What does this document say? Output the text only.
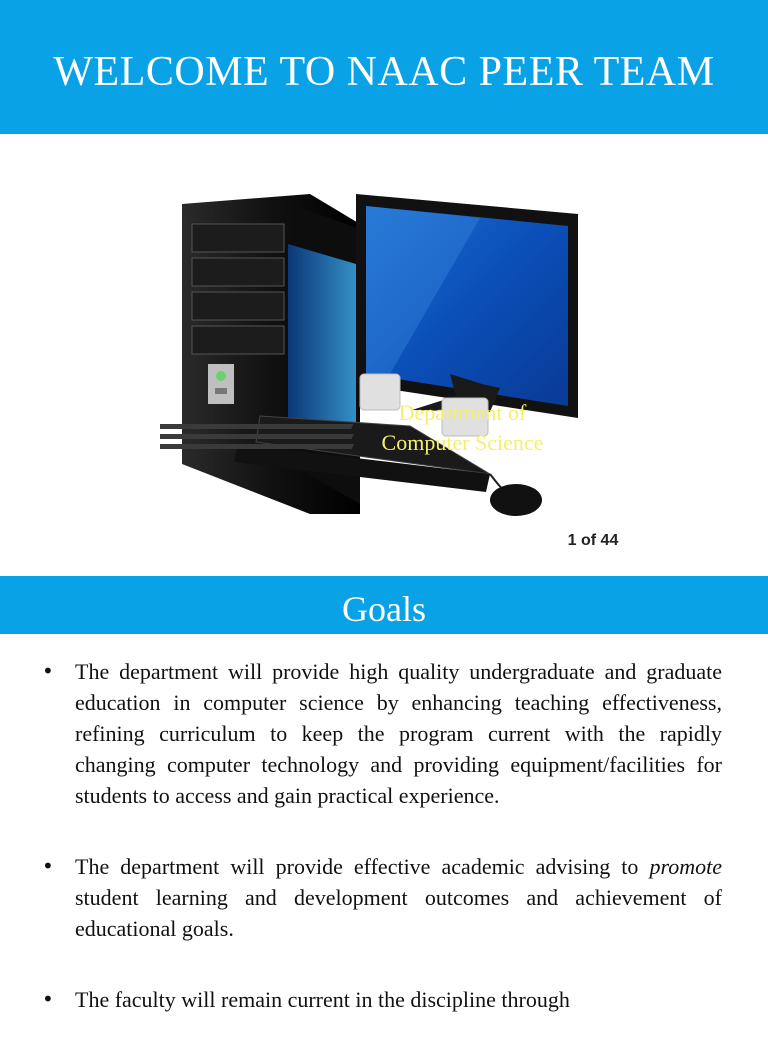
WELCOME TO NAAC PEER TEAM
Department of
Computer Science
1 of 44
Goals
• The department will provide high quality undergraduate and graduate education in computer science by enhancing teaching effectiveness, refining curriculum to keep the program current with the rapidly changing computer technology and providing equipment/facilities for students to access and gain practical experience.
• The department will provide effective academic advising to promote student learning and development outcomes and achievement of educational goals.
• The faculty will remain current in the discipline through
